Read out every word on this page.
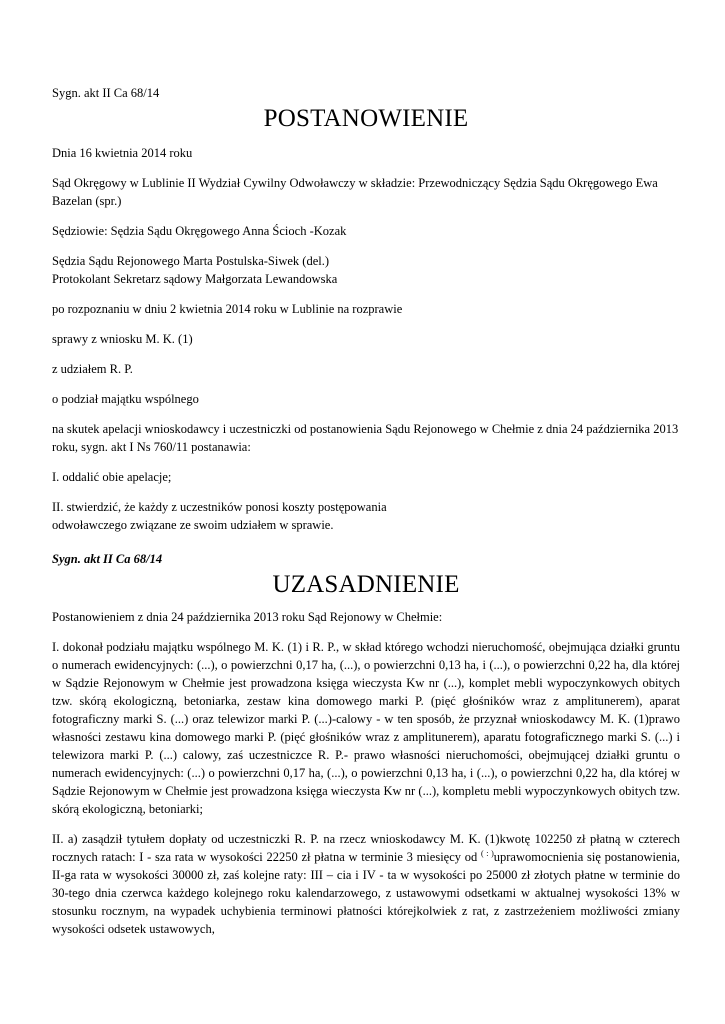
Sygn. akt II Ca 68/14

POSTANOWIENIE

Dnia 16 kwietnia 2014 roku

Sąd Okręgowy w Lublinie II Wydział Cywilny Odwoławczy w składzie: Przewodniczący Sędzia Sądu Okręgowego Ewa Bazelan (spr.)

Sędziowie: Sędzia Sądu Okręgowego Anna Ścioch -Kozak

Sędzia Sądu Rejonowego Marta Postulska-Siwek (del.)

Protokolant Sekretarz sądowy Małgorzata Lewandowska

po rozpoznaniu w dniu 2 kwietnia 2014 roku w Lublinie na rozprawie

sprawy z wniosku M. K. (1)

z udziałem R. P.

o podział majątku wspólnego

na skutek apelacji wnioskodawcy i uczestniczki od postanowienia Sądu Rejonowego w Chełmie z dnia 24 października 2013 roku, sygn. akt I Ns 760/11 postanawia:

I. oddalić obie apelacje;

II. stwierdzić, że każdy z uczestników ponosi koszty postępowania

odwoławczego związane ze swoim udziałem w sprawie.

Sygn. akt II Ca 68/14

UZASADNIENIE

Postanowieniem z dnia 24 października 2013 roku Sąd Rejonowy w Chełmie:

I. dokonał podziału majątku wspólnego M. K. (1) i R. P., w skład którego wchodzi nieruchomość, obejmująca działki gruntu o numerach ewidencyjnych: (...), o powierzchni 0,17 ha, (...), o powierzchni 0,13 ha, i (...), o powierzchni 0,22 ha, dla której w Sądzie Rejonowym w Chełmie jest prowadzona księga wieczysta Kw nr (...), komplet mebli wypoczynkowych obitych tzw. skórą ekologiczną, betoniarka, zestaw kina domowego marki P. (pięć głośników wraz z amplitunerem), aparat fotograficzny marki S. (...) oraz telewizor marki P. (...)-calowy - w ten sposób, że przyznał wnioskodawcy M. K. (1)prawo własności zestawu kina domowego marki P. (pięć głośników wraz z amplitunerem), aparatu fotograficznego marki S. (...) i telewizora marki P. (...) calowy, zaś uczestniczce R. P.- prawo własności nieruchomości, obejmującej działki gruntu o numerach ewidencyjnych: (...) o powierzchni 0,17 ha, (...), o powierzchni 0,13 ha, i (...), o powierzchni 0,22 ha, dla której w Sądzie Rejonowym w Chełmie jest prowadzona księga wieczysta Kw nr (...), kompletu mebli wypoczynkowych obitych tzw. skórą ekologiczną, betoniarki;

II. a) zasądził tytułem dopłaty od uczestniczki R. P. na rzecz wnioskodawcy M. K. (1)kwotę 102250 zł płatną w czterech rocznych ratach: I - sza rata w wysokości 22250 zł płatna w terminie 3 miesięcy od ( : )uprawomocnienia się postanowienia, II-ga rata w wysokości 30000 zł, zaś kolejne raty: III – cia i IV - ta w wysokości po 25000 zł złotych płatne w terminie do 30-tego dnia czerwca każdego kolejnego roku kalendarzowego, z ustawowymi odsetkami w aktualnej wysokości 13% w stosunku rocznym, na wypadek uchybienia terminowi płatności którejkolwiek z rat, z zastrzeżeniem możliwości zmiany wysokości odsetek ustawowych,
